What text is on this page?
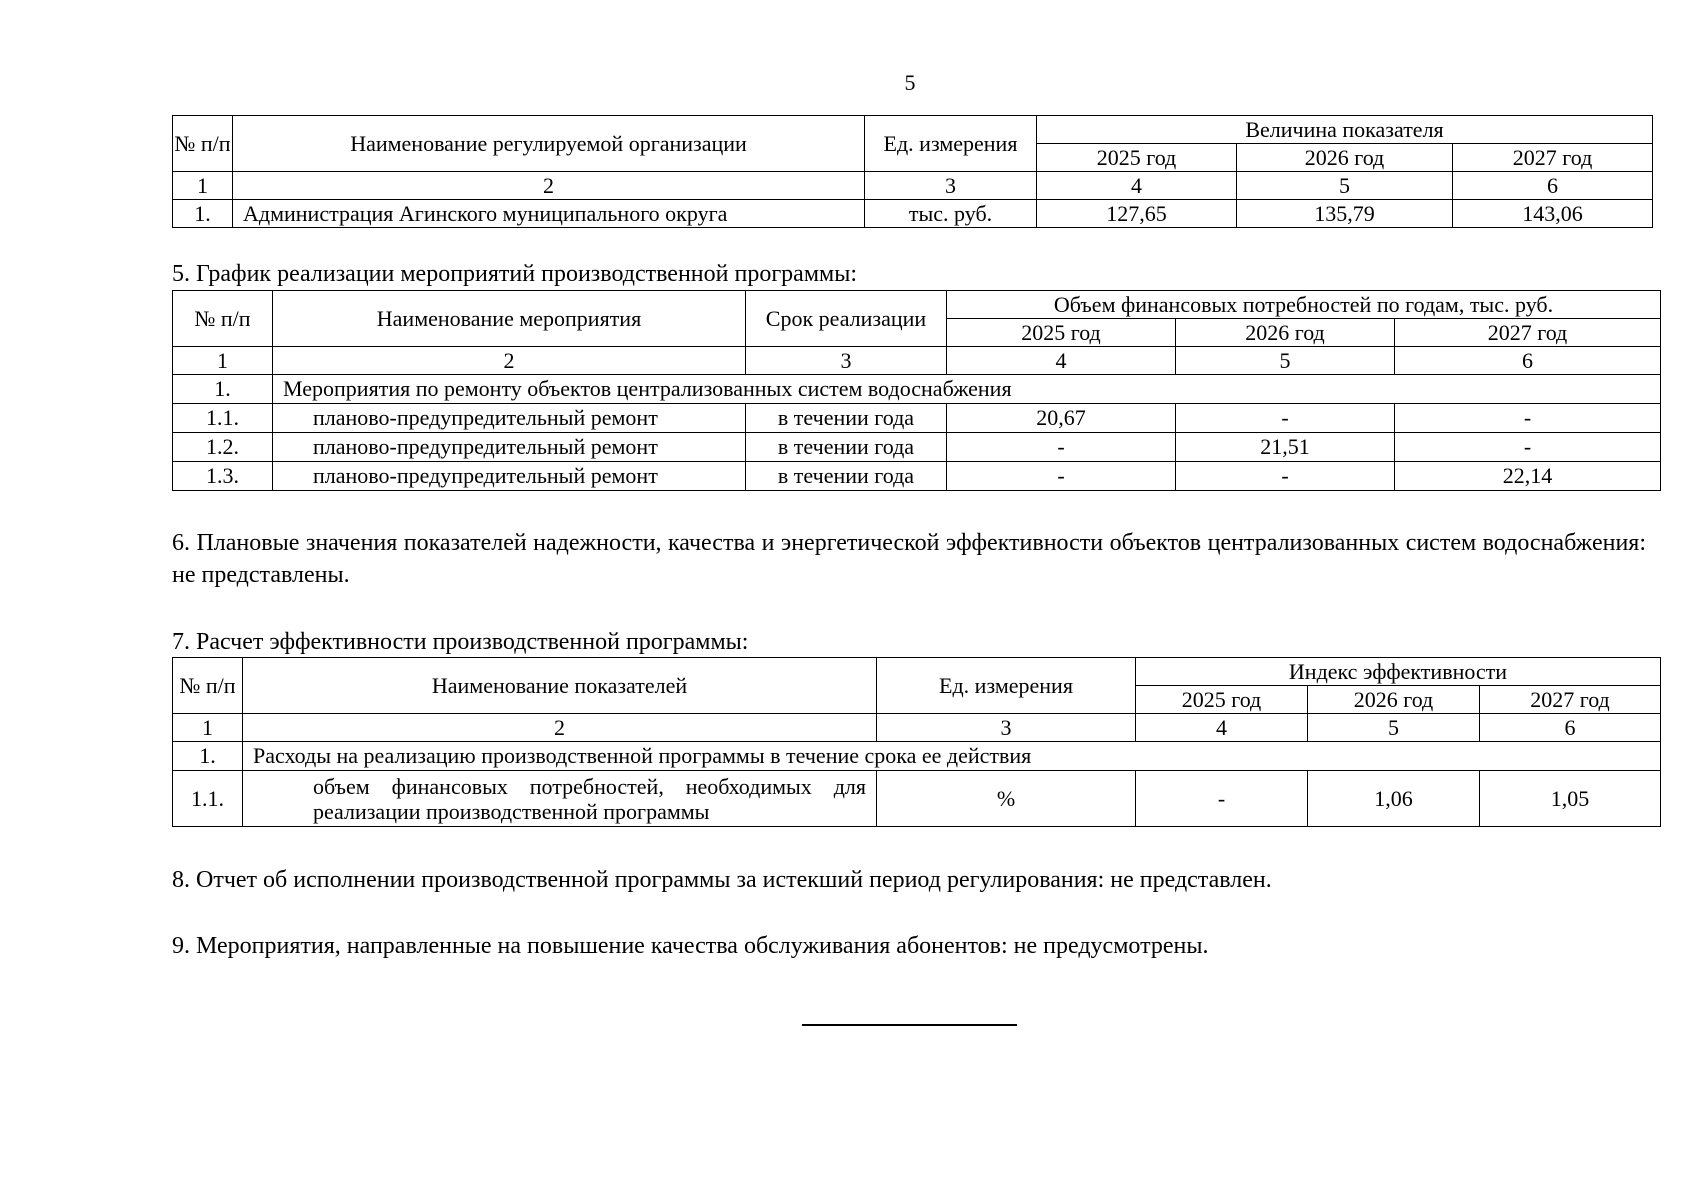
5
№ п/п	Наименование регулируемой организации	Ед. измерения	Величина показателя		
			2025 год	2026 год	2027 год
1	2	3	4	5	6
1.	Администрация Агинского муниципального округа	тыс. руб.	127,65	135,79	143,06
5. График реализации мероприятий производственной программы:
№ п/п	Наименование мероприятия	Срок реализации	Объем финансовых потребностей по годам, тыс. руб.		
			2025 год	2026 год	2027 год
1	2	3	4	5	6
1.	Мероприятия по ремонту объектов централизованных систем водоснабжения				
1.1.	планово-предупредительный ремонт	в течении года	20,67	-	-
1.2.	планово-предупредительный ремонт	в течении года	-	21,51	-
1.3.	планово-предупредительный ремонт	в течении года	-	-	22,14
6. Плановые значения показателей надежности, качества и энергетической эффективности объектов централизованных систем водоснабжения: не представлены.
7. Расчет эффективности производственной программы:
№ п/п	Наименование показателей	Ед. измерения	Индекс эффективности		
			2025 год	2026 год	2027 год
1	2	3	4	5	6
1.	Расходы на реализацию производственной программы в течение срока ее действия				
1.1.	объем финансовых потребностей, необходимых для реализации производственной программы	%	-	1,06	1,05
8. Отчет об исполнении производственной программы за истекший период регулирования: не представлен.
9. Мероприятия, направленные на повышение качества обслуживания абонентов: не предусмотрены.
